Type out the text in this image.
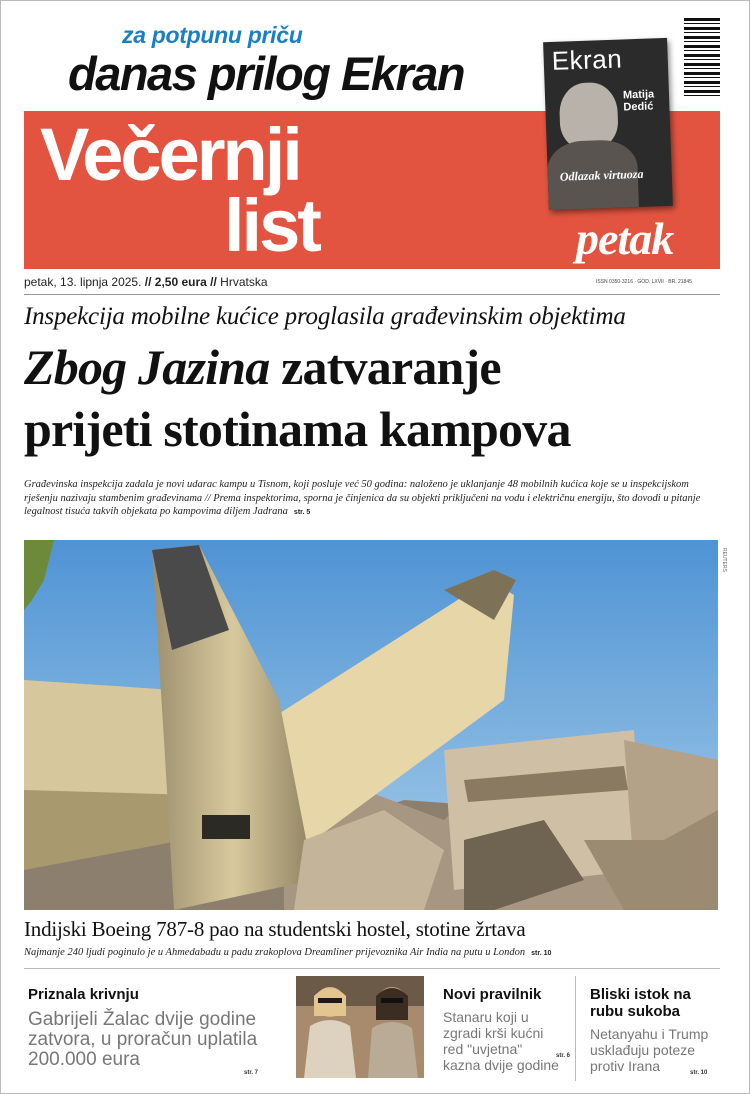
za potpunu priču
danas prilog Ekran
Večernji
list	petak
Ekran
Matija
Dedić
Odlazak virtuoza
petak, 13. lipnja 2025. // 2,50 eura // Hrvatska	ISSN 0350-3216 · GOD. LXVII · BR. 21845
Inspekcija mobilne kućice proglasila građevinskim objektima
Zbog Jazina zatvaranje
prijeti stotinama kampova
Građevinska inspekcija zadala je novi udarac kampu u Tisnom, koji posluje već 50 godina: naloženo je uklanjanje 48 mobilnih kućica koje se u inspekcijskom rješenju nazivaju stambenim građevinama // Prema inspektorima, sporna je činjenica da su objekti priključeni na vodu i električnu energiju, što dovodi u pitanje legalnost tisuća takvih objekata po kampovima diljem Jadrana str. 5
REUTERS
Indijski Boeing 787-8 pao na studentski hostel, stotine žrtava
Najmanje 240 ljudi poginulo je u Ahmedabadu u padu zrakoplova Dreamliner prijevoznika Air India na putu u London str. 10
Priznala krivnju
Gabrijeli Žalac dvije godine zatvora, u proračun uplatila 200.000 eura
str. 7
Novi pravilnik
Stanaru koji u zgradi krši kućni red "uvjetna" kazna dvije godine
str. 6
Bliski istok na rubu sukoba
Netanyahu i Trump usklađuju poteze protiv Irana	str. 10
